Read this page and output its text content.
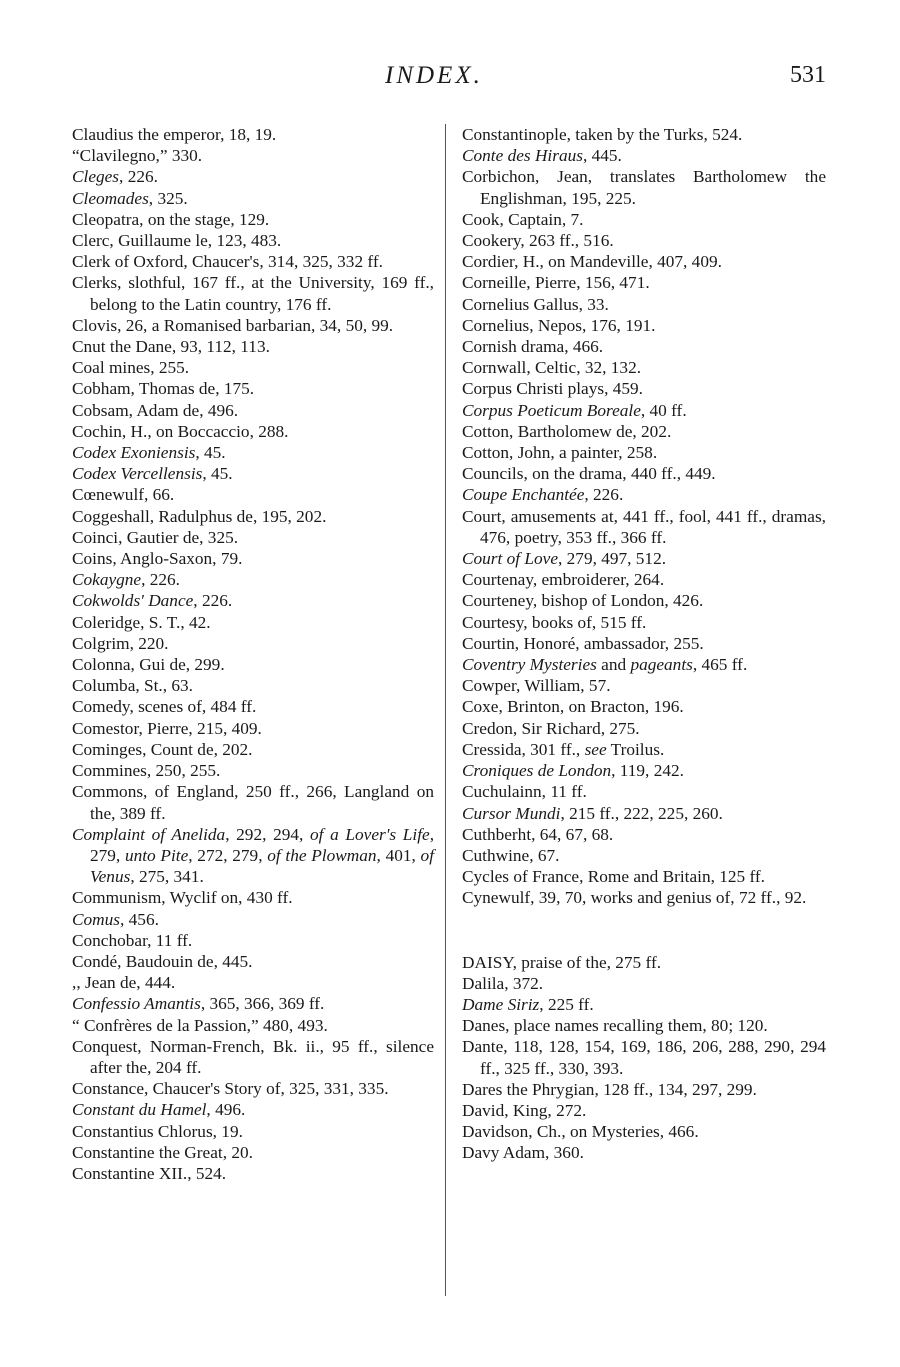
INDEX.	531
Claudius the emperor, 18, 19.
“Clavilegno,” 330.
Cleges, 226.
Cleomades, 325.
Cleopatra, on the stage, 129.
Clerc, Guillaume le, 123, 483.
Clerk of Oxford, Chaucer's, 314, 325, 332 ff.
Clerks, slothful, 167 ff., at the University, 169 ff., belong to the Latin country, 176 ff.
Clovis, 26, a Romanised barbarian, 34, 50, 99.
Cnut the Dane, 93, 112, 113.
Coal mines, 255.
Cobham, Thomas de, 175.
Cobsam, Adam de, 496.
Cochin, H., on Boccaccio, 288.
Codex Exoniensis, 45.
Codex Vercellensis, 45.
Cœnewulf, 66.
Coggeshall, Radulphus de, 195, 202.
Coinci, Gautier de, 325.
Coins, Anglo-Saxon, 79.
Cokaygne, 226.
Cokwolds' Dance, 226.
Coleridge, S. T., 42.
Colgrim, 220.
Colonna, Gui de, 299.
Columba, St., 63.
Comedy, scenes of, 484 ff.
Comestor, Pierre, 215, 409.
Cominges, Count de, 202.
Commines, 250, 255.
Commons, of England, 250 ff., 266, Langland on the, 389 ff.
Complaint of Anelida, 292, 294, of a Lover's Life, 279, unto Pite, 272, 279, of the Plowman, 401, of Venus, 275, 341.
Communism, Wyclif on, 430 ff.
Comus, 456.
Conchobar, 11 ff.
Condé, Baudouin de, 445.
,, Jean de, 444.
Confessio Amantis, 365, 366, 369 ff.
“ Confrères de la Passion,” 480, 493.
Conquest, Norman-French, Bk. ii., 95 ff., silence after the, 204 ff.
Constance, Chaucer's Story of, 325, 331, 335.
Constant du Hamel, 496.
Constantius Chlorus, 19.
Constantine the Great, 20.
Constantine XII., 524.
Constantinople, taken by the Turks, 524.
Conte des Hiraus, 445.
Corbichon, Jean, translates Bartholomew the Englishman, 195, 225.
Cook, Captain, 7.
Cookery, 263 ff., 516.
Cordier, H., on Mandeville, 407, 409.
Corneille, Pierre, 156, 471.
Cornelius Gallus, 33.
Cornelius, Nepos, 176, 191.
Cornish drama, 466.
Cornwall, Celtic, 32, 132.
Corpus Christi plays, 459.
Corpus Poeticum Boreale, 40 ff.
Cotton, Bartholomew de, 202.
Cotton, John, a painter, 258.
Councils, on the drama, 440 ff., 449.
Coupe Enchantée, 226.
Court, amusements at, 441 ff., fool, 441 ff., dramas, 476, poetry, 353 ff., 366 ff.
Court of Love, 279, 497, 512.
Courtenay, embroiderer, 264.
Courteney, bishop of London, 426.
Courtesy, books of, 515 ff.
Courtin, Honoré, ambassador, 255.
Coventry Mysteries and pageants, 465 ff.
Cowper, William, 57.
Coxe, Brinton, on Bracton, 196.
Credon, Sir Richard, 275.
Cressida, 301 ff., see Troilus.
Croniques de London, 119, 242.
Cuchulainn, 11 ff.
Cursor Mundi, 215 ff., 222, 225, 260.
Cuthberht, 64, 67, 68.
Cuthwine, 67.
Cycles of France, Rome and Britain, 125 ff.
Cynewulf, 39, 70, works and genius of, 72 ff., 92.
DAISY, praise of the, 275 ff.
Dalila, 372.
Dame Siriz, 225 ff.
Danes, place names recalling them, 80; 120.
Dante, 118, 128, 154, 169, 186, 206, 288, 290, 294 ff., 325 ff., 330, 393.
Dares the Phrygian, 128 ff., 134, 297, 299.
David, King, 272.
Davidson, Ch., on Mysteries, 466.
Davy Adam, 360.
